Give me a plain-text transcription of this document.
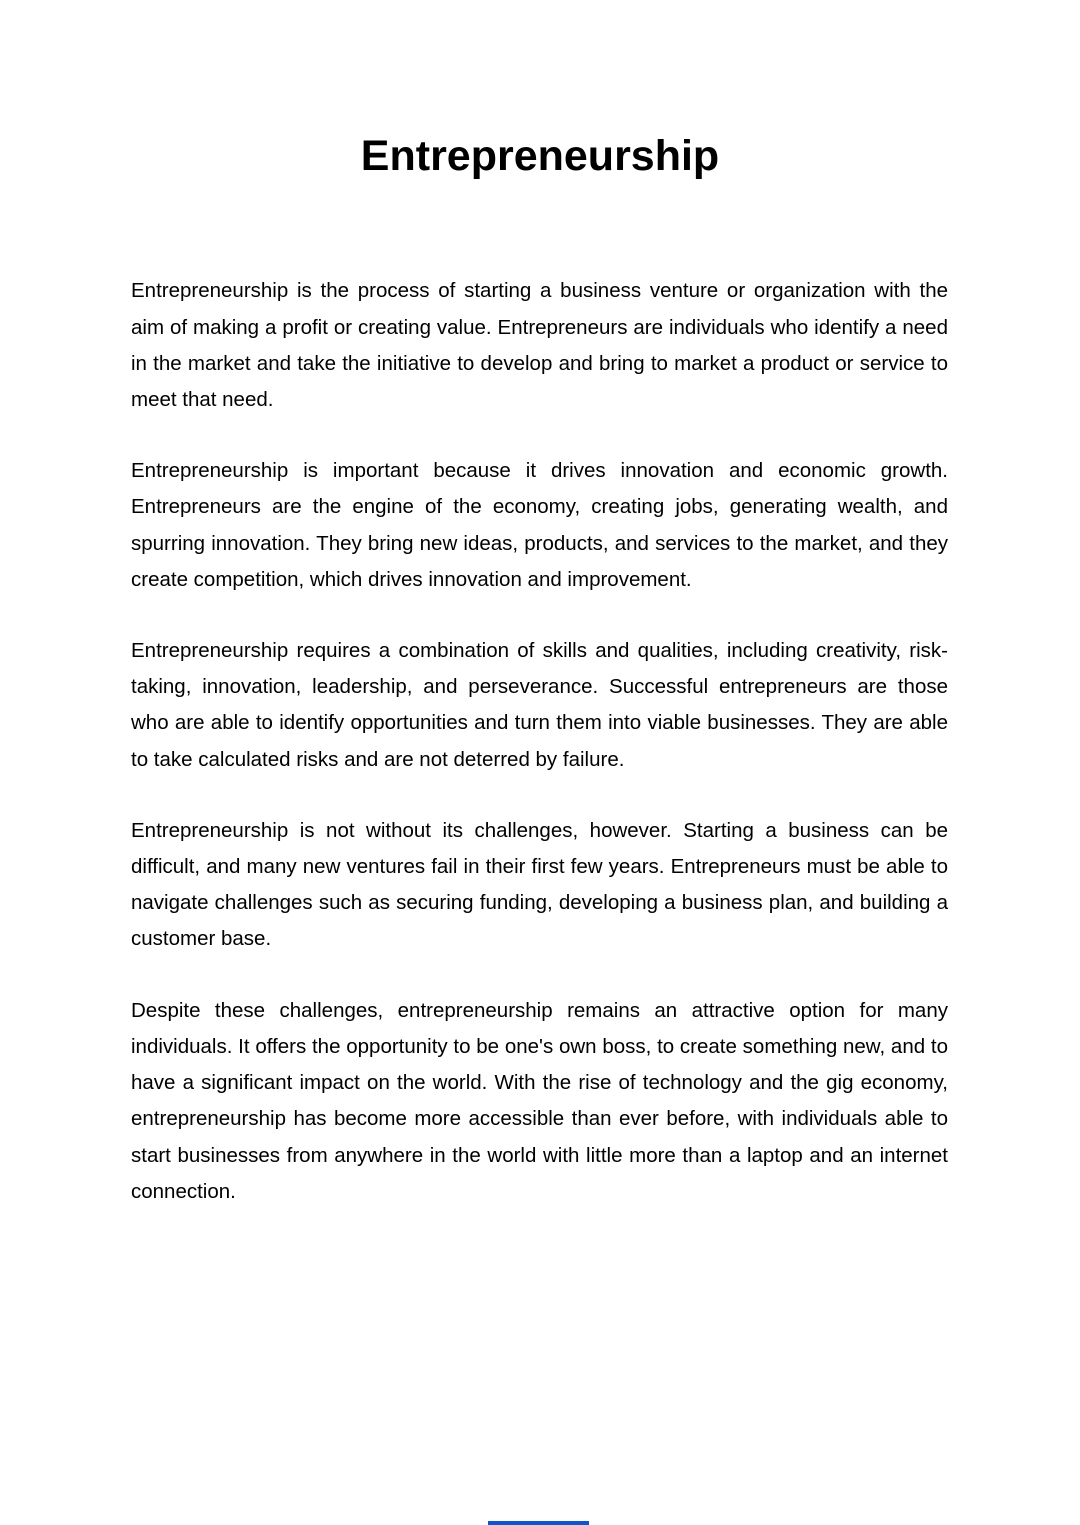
Entrepreneurship

Entrepreneurship is the process of starting a business venture or organization with the aim of making a profit or creating value. Entrepreneurs are individuals who identify a need in the market and take the initiative to develop and bring to market a product or service to meet that need.

Entrepreneurship is important because it drives innovation and economic growth. Entrepreneurs are the engine of the economy, creating jobs, generating wealth, and spurring innovation. They bring new ideas, products, and services to the market, and they create competition, which drives innovation and improvement.

Entrepreneurship requires a combination of skills and qualities, including creativity, risk-taking, innovation, leadership, and perseverance. Successful entrepreneurs are those who are able to identify opportunities and turn them into viable businesses. They are able to take calculated risks and are not deterred by failure.

Entrepreneurship is not without its challenges, however. Starting a business can be difficult, and many new ventures fail in their first few years. Entrepreneurs must be able to navigate challenges such as securing funding, developing a business plan, and building a customer base.

Despite these challenges, entrepreneurship remains an attractive option for many individuals. It offers the opportunity to be one's own boss, to create something new, and to have a significant impact on the world. With the rise of technology and the gig economy, entrepreneurship has become more accessible than ever before, with individuals able to start businesses from anywhere in the world with little more than a laptop and an internet connection.
